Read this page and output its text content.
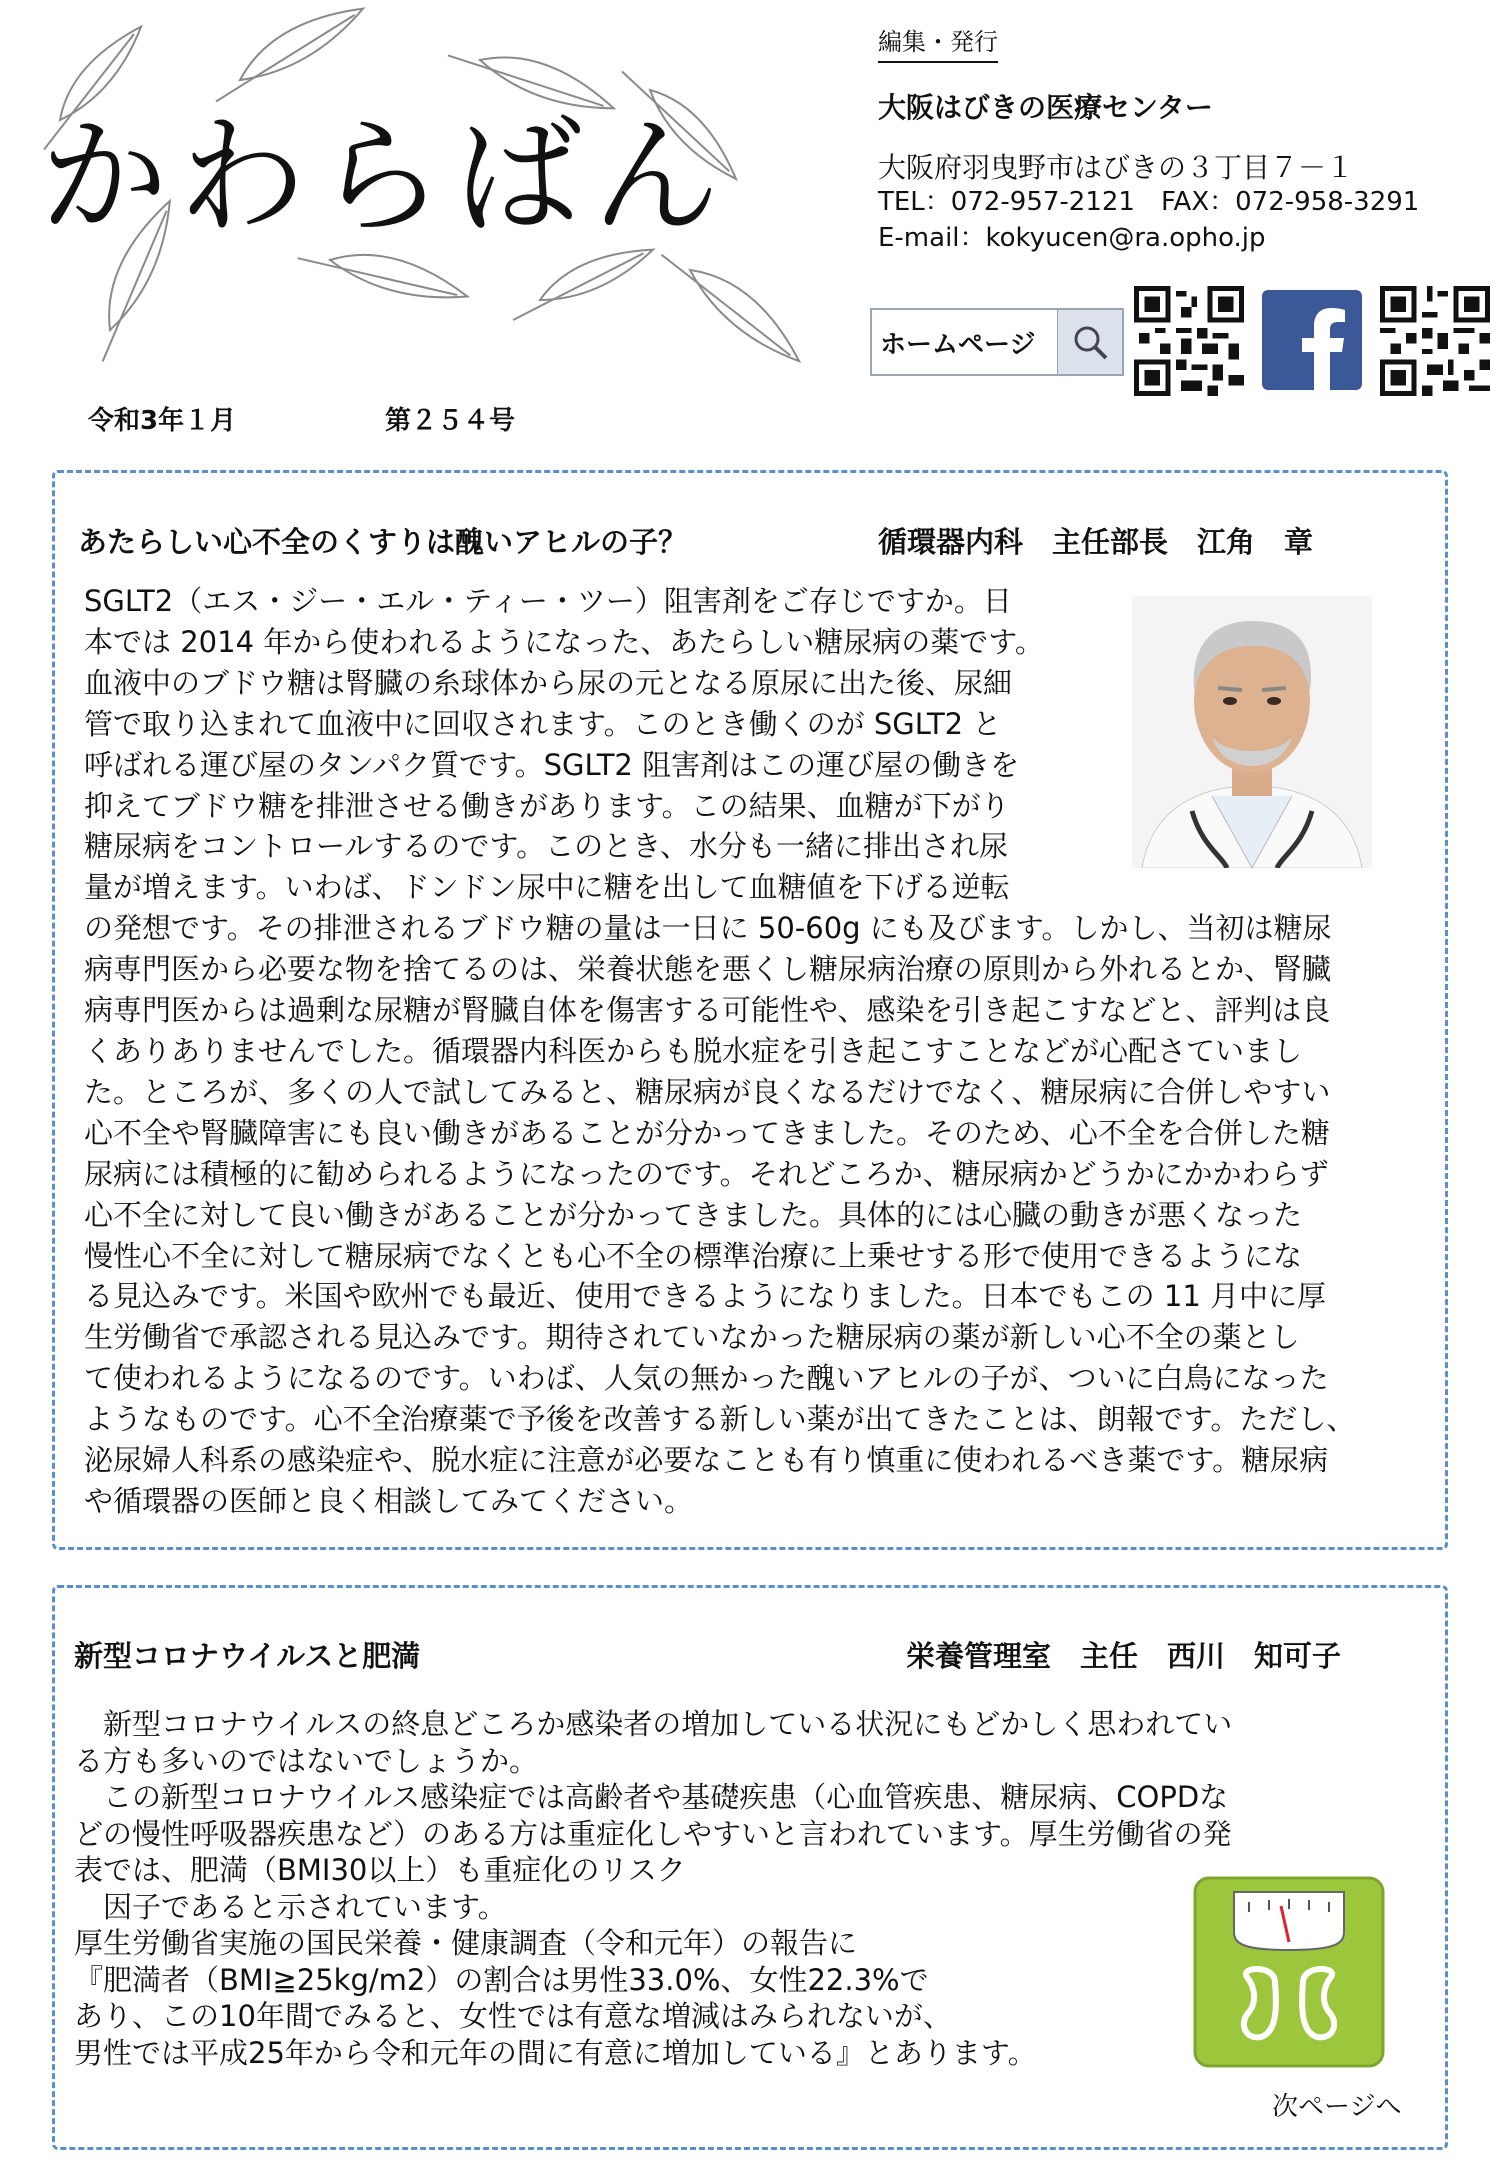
かわらばん
令和3年１月	第２５４号
編集・発行
大阪はびきの医療センター
大阪府羽曳野市はびきの３丁目７－１
TEL：072-957-2121　FAX：072-958-3291
E-mail：kokyucen@ra.opho.jp
ホームページ
あたらしい心不全のくすりは醜いアヒルの子？	循環器内科　主任部長　江角　章
SGLT2（エス・ジー・エル・ティー・ツー）阻害剤をご存じですか。日
本では 2014 年から使われるようになった、あたらしい糖尿病の薬です。
血液中のブドウ糖は腎臓の糸球体から尿の元となる原尿に出た後、尿細
管で取り込まれて血液中に回収されます。このとき働くのが SGLT2 と
呼ばれる運び屋のタンパク質です。SGLT2 阻害剤はこの運び屋の働きを
抑えてブドウ糖を排泄させる働きがあります。この結果、血糖が下がり
糖尿病をコントロールするのです。このとき、水分も一緒に排出され尿
量が増えます。いわば、ドンドン尿中に糖を出して血糖値を下げる逆転
の発想です。その排泄されるブドウ糖の量は一日に 50-60g にも及びます。しかし、当初は糖尿
病専門医から必要な物を捨てるのは、栄養状態を悪くし糖尿病治療の原則から外れるとか、腎臓
病専門医からは過剰な尿糖が腎臓自体を傷害する可能性や、感染を引き起こすなどと、評判は良
くありありませんでした。循環器内科医からも脱水症を引き起こすことなどが心配さていまし
た。ところが、多くの人で試してみると、糖尿病が良くなるだけでなく、糖尿病に合併しやすい
心不全や腎臓障害にも良い働きがあることが分かってきました。そのため、心不全を合併した糖
尿病には積極的に勧められるようになったのです。それどころか、糖尿病かどうかにかかわらず
心不全に対して良い働きがあることが分かってきました。具体的には心臓の動きが悪くなった
慢性心不全に対して糖尿病でなくとも心不全の標準治療に上乗せする形で使用できるようにな
る見込みです。米国や欧州でも最近、使用できるようになりました。日本でもこの 11 月中に厚
生労働省で承認される見込みです。期待されていなかった糖尿病の薬が新しい心不全の薬とし
て使われるようになるのです。いわば、人気の無かった醜いアヒルの子が、ついに白鳥になった
ようなものです。心不全治療薬で予後を改善する新しい薬が出てきたことは、朗報です。ただし、
泌尿婦人科系の感染症や、脱水症に注意が必要なことも有り慎重に使われるべき薬です。糖尿病
や循環器の医師と良く相談してみてください。
新型コロナウイルスと肥満	栄養管理室　主任　西川　知可子
　新型コロナウイルスの終息どころか感染者の増加している状況にもどかしく思われてい
る方も多いのではないでしょうか。
　この新型コロナウイルス感染症では高齢者や基礎疾患（心血管疾患、糖尿病、COPDな
どの慢性呼吸器疾患など）のある方は重症化しやすいと言われています。厚生労働省の発
表では、肥満（BMI30以上）も重症化のリスク
　因子であると示されています。
厚生労働省実施の国民栄養・健康調査（令和元年）の報告に
『肥満者（BMI≧25kg/m2）の割合は男性33.0%、女性22.3%で
あり、この10年間でみると、女性では有意な増減はみられないが、
男性では平成25年から令和元年の間に有意に増加している』とあります。
次ページへ
